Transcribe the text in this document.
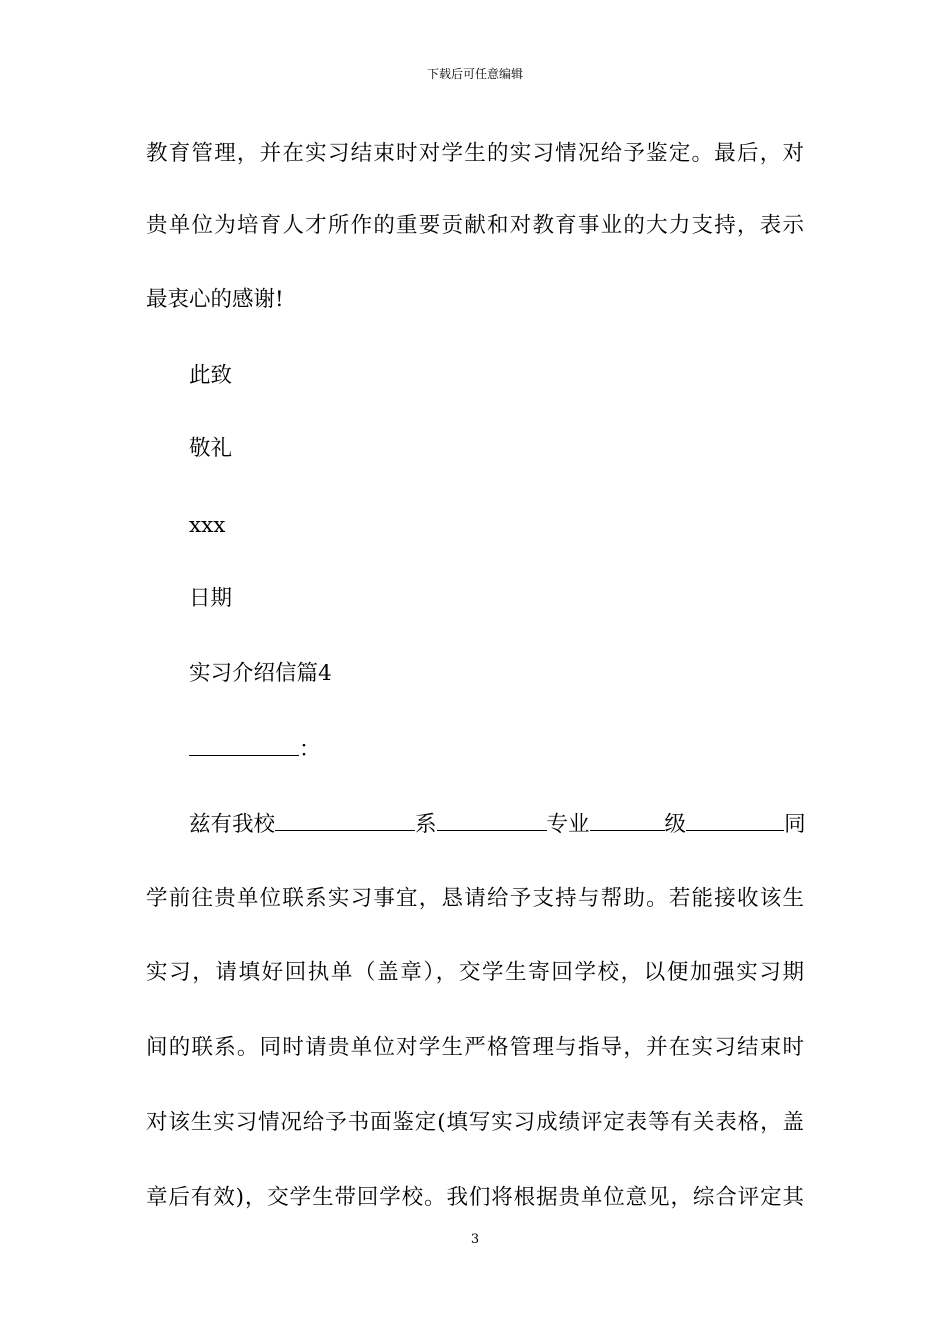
下载后可任意编辑
教育管理，并在实习结束时对学生的实习情况给予鉴定。最后，对
贵单位为培育人才所作的重要贡献和对教育事业的大力支持，表示
最衷心的感谢!
此致
敬礼
xxx
日期
实习介绍信篇4
：
兹有我校	系	专业	级	同
学前往贵单位联系实习事宜，恳请给予支持与帮助。若能接收该生
实习，请填好回执单（盖章），交学生寄回学校，以便加强实习期
间的联系。同时请贵单位对学生严格管理与指导，并在实习结束时
对该生实习情况给予书面鉴定(填写实习成绩评定表等有关表格，盖
章后有效)，交学生带回学校。我们将根据贵单位意见，综合评定其
3
